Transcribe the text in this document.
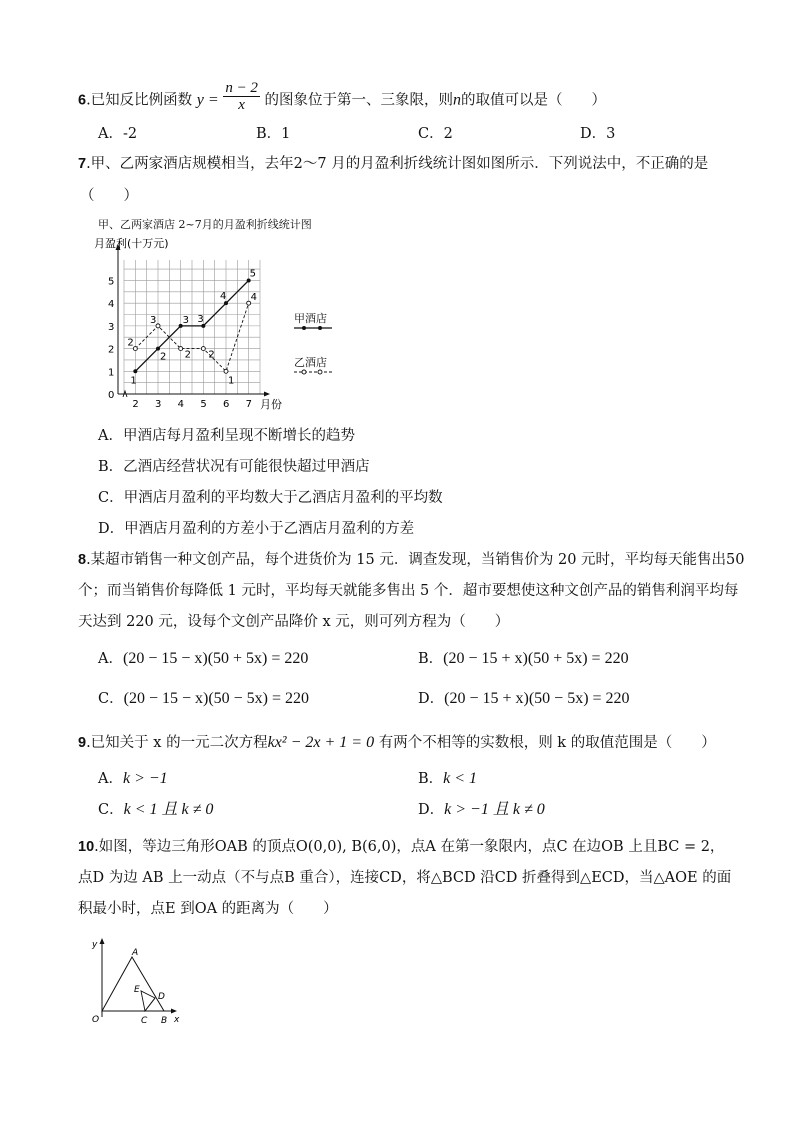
6.已知反比例函数 $y = \frac{n - 2}{x}$ 的图象位于第一、三象限，则n的取值可以是（　　）
A．-2	B．1	C．2	D．3
7.甲、乙两家酒店规模相当，去年2～7 月的月盈利折线统计图如图所示．下列说法中，不正确的是
（　　）
甲、乙两家酒店 2~7月的月盈利折线统计图
0
1
2
3
4
5
2 3 4 5 6 7
1
2
3 3
4
5
2
3
2 2
1
4
月盈利(十万元)
月份
甲酒店
乙酒店
A．甲酒店每月盈利呈现不断增长的趋势
B．乙酒店经营状况有可能很快超过甲酒店
C．甲酒店月盈利的平均数大于乙酒店月盈利的平均数
D．甲酒店月盈利的方差小于乙酒店月盈利的方差
8.某超市销售一种文创产品，每个进货价为 15 元．调查发现，当销售价为 20 元时，平均每天能售出50
个；而当销售价每降低 1 元时，平均每天就能多售出 5 个．超市要想使这种文创产品的销售利润平均每
天达到 220 元，设每个文创产品降价 x 元，则可列方程为（　　）
A．(20 − 15 − x)(50 + 5x) = 220	B．(20 − 15 + x)(50 + 5x) = 220
C．(20 − 15 − x)(50 − 5x) = 220	D．(20 − 15 + x)(50 − 5x) = 220
9.已知关于 x 的一元二次方程kx² − 2x + 1 = 0 有两个不相等的实数根，则 k 的取值范围是（　　）
A．k > −1	B．k < 1
C．k < 1 且 k ≠ 0	D．k > −1 且 k ≠ 0
10.如图，等边三角形OAB 的顶点O(0,0), B(6,0)，点A 在第一象限内，点C 在边OB 上且BC = 2，
点D 为边 AB 上一动点（不与点B 重合），连接CD，将△BCD 沿CD 折叠得到△ECD，当△AOE 的面
积最小时，点E 到OA 的距离为（　　）
y
x
O
A
B
C
D
E
